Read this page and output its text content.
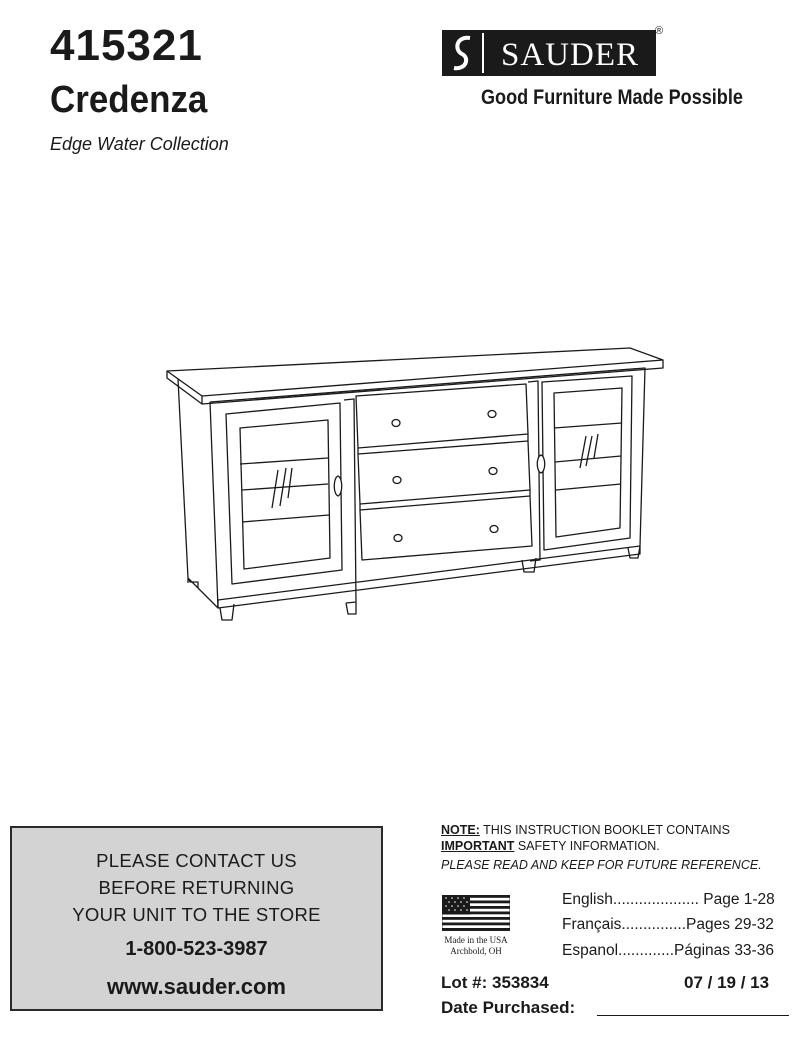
415321
Credenza
Edge Water Collection
SAUDER
®
Good Furniture Made Possible
PLEASE CONTACT US
BEFORE RETURNING
YOUR UNIT TO THE STORE
1-800-523-3987
www.sauder.com
NOTE: THIS INSTRUCTION BOOKLET CONTAINS
IMPORTANT SAFETY INFORMATION.
PLEASE READ AND KEEP FOR FUTURE REFERENCE.
Made in the USA
Archbold, OH
English.................... Page 1-28
Français...............Pages 29-32
Espanol.............Páginas 33-36
Lot #: 353834	07 / 19 / 13
Date Purchased:
